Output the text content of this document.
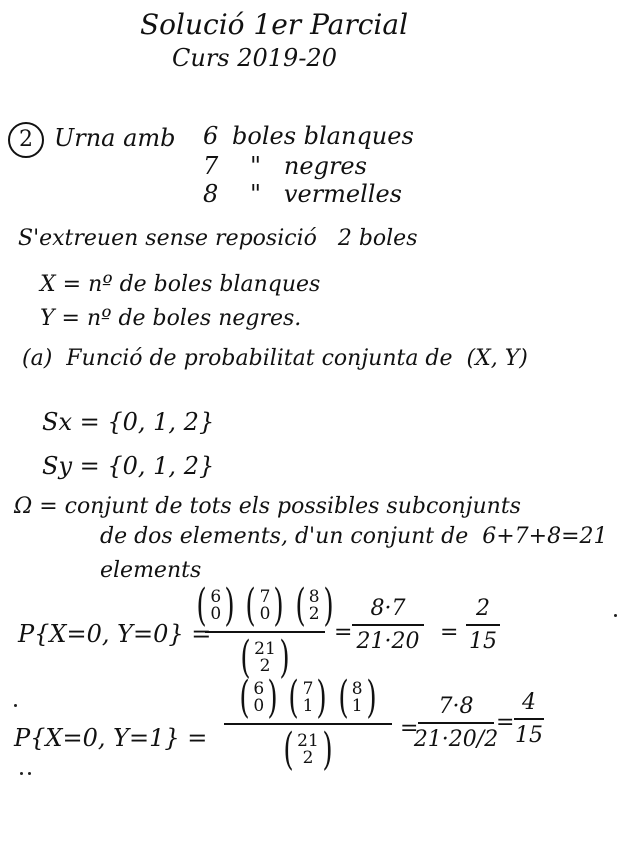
Solució 1er Parcial
Curs 2019-20
2 Urna amb 6 boles blanques
7 "   negres
8 "   vermelles
S'extreuen sense reposició   2 boles
X = nº de boles blanques
Y = nº de boles negres.
(a)  Funció de probabilitat conjunta de  (X, Y)
Sx = {0, 1, 2}
Sy = {0, 1, 2}
Ω = conjunt de tots els possibles subconjunts
de dos elements, d'un conjunt de  6+7+8=21
elements
P{X=0, Y=0} =
( 6
0 ) ( 7
0 ) ( 8
2 )
( 21
2 ) =
8·7
21·20 =
2
15
P{X=0, Y=1} =
( 6
0 ) ( 7
1 ) ( 8
1 )
( 21
2 )	=
7·8
21·20/2
=
4
15
